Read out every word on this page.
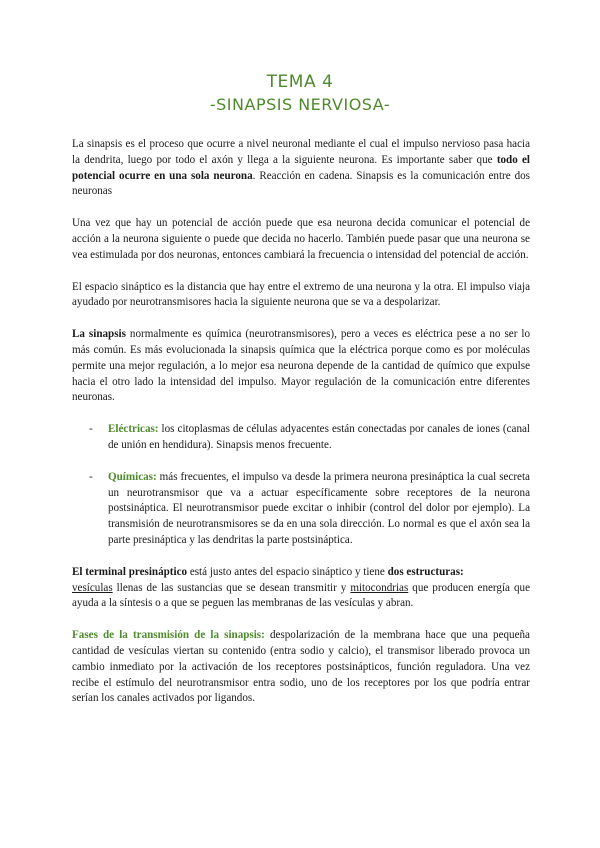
TEMA 4
-SINAPSIS NERVIOSA-

La sinapsis es el proceso que ocurre a nivel neuronal mediante el cual el impulso nervioso pasa hacia la dendrita, luego por todo el axón y llega a la siguiente neurona. Es importante saber que todo el potencial ocurre en una sola neurona. Reacción en cadena. Sinapsis es la comunicación entre dos neuronas

Una vez que hay un potencial de acción puede que esa neurona decida comunicar el potencial de acción a la neurona siguiente o puede que decida no hacerlo. También puede pasar que una neurona se vea estimulada por dos neuronas, entonces cambiará la frecuencia o intensidad del potencial de acción.

El espacio sináptico es la distancia que hay entre el extremo de una neurona y la otra. El impulso viaja ayudado por neurotransmisores hacia la siguiente neurona que se va a despolarizar.

La sinapsis normalmente es química (neurotransmisores), pero a veces es eléctrica pese a no ser lo más común. Es más evolucionada la sinapsis química que la eléctrica porque como es por moléculas permite una mejor regulación, a lo mejor esa neurona depende de la cantidad de químico que expulse hacia el otro lado la intensidad del impulso. Mayor regulación de la comunicación entre diferentes neuronas.

- Eléctricas: los citoplasmas de células adyacentes están conectadas por canales de iones (canal de unión en hendidura). Sinapsis menos frecuente.
- Químicas: más frecuentes, el impulso va desde la primera neurona presináptica la cual secreta un neurotransmisor que va a actuar específicamente sobre receptores de la neurona postsináptica. El neurotransmisor puede excitar o inhibir (control del dolor por ejemplo). La transmisión de neurotransmisores se da en una sola dirección. Lo normal es que el axón sea la parte presináptica y las dendritas la parte postsináptica.

El terminal presináptico está justo antes del espacio sináptico y tiene dos estructuras:
vesículas llenas de las sustancias que se desean transmitir y mitocondrias que producen energía que ayuda a la síntesis o a que se peguen las membranas de las vesículas y abran.

Fases de la transmisión de la sinapsis: despolarización de la membrana hace que una pequeña cantidad de vesículas viertan su contenido (entra sodio y calcio), el transmisor liberado provoca un cambio inmediato por la activación de los receptores postsinápticos, función reguladora. Una vez recibe el estímulo del neurotransmisor entra sodio, uno de los receptores por los que podría entrar serían los canales activados por ligandos.
